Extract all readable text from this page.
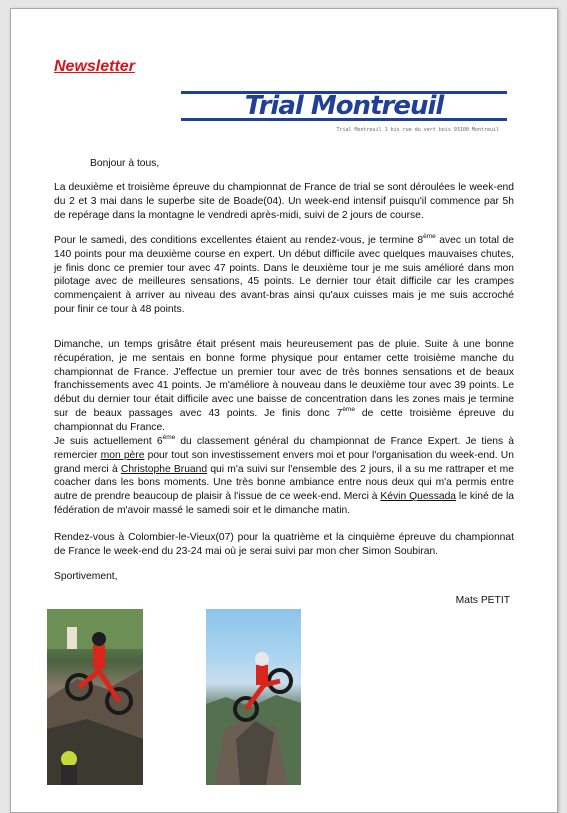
Newsletter
Trial Montreuil
Trial Montreuil 1 bis rue du vert bois 93100 Montreuil
Bonjour à tous,
La deuxième et troisième épreuve du championnat de France de trial se sont déroulées le week-end du 2 et 3 mai dans le superbe site de Boade(04). Un week-end intensif puisqu'il commence par 5h de repérage dans la montagne le vendredi après-midi, suivi de 2 jours de course.
Pour le samedi, des conditions excellentes étaient au rendez-vous, je termine 8ème avec un total de 140 points pour ma deuxième course en expert. Un début difficile avec quelques mauvaises chutes, je finis donc ce premier tour avec 47 points. Dans le deuxième tour je me suis amélioré dans mon pilotage avec de meilleures sensations, 45 points. Le dernier tour était difficile car les crampes commençaient à arriver au niveau des avant-bras ainsi qu'aux cuisses mais je me suis accroché pour finir ce tour à 48 points.
Dimanche, un temps grisâtre était présent mais heureusement pas de pluie. Suite à une bonne récupération, je me sentais en bonne forme physique pour entamer cette troisième manche du championnat de France. J'effectue un premier tour avec de très bonnes sensations et de beaux franchissements avec 41 points. Je m'améliore à nouveau dans le deuxième tour avec 39 points. Le début du dernier tour était difficile avec une baisse de concentration dans les zones mais je termine sur de beaux passages avec 43 points. Je finis donc 7ème de cette troisième épreuve du championnat du France.
Je suis actuellement 6ème du classement général du championnat de France Expert. Je tiens à remercier mon père pour tout son investissement envers moi et pour l'organisation du week-end. Un grand merci à Christophe Bruand qui m'a suivi sur l'ensemble des 2 jours, il a su me rattraper et me coacher dans les bons moments. Une très bonne ambiance entre nous deux qui m'a permis entre autre de prendre beaucoup de plaisir à l'issue de ce week-end. Merci à Kévin Quessada le kiné de la fédération de m'avoir massé le samedi soir et le dimanche matin.
Rendez-vous à Colombier-le-Vieux(07) pour la quatrième et la cinquième épreuve du championnat de France le week-end du 23-24 mai où je serai suivi par mon cher Simon Soubiran.
Sportivement,
Mats PETIT
